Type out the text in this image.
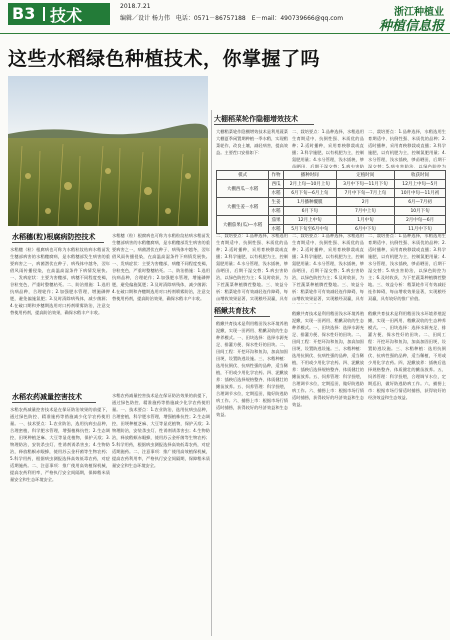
B3 技术	2018.7.21
编辑／设计 杨力伟　电话：0571－86757188　E－mail：490739666@qq.com
浙江种植业
种植信息报
这些水稻绿色种植技术，你掌握了吗
水稻穗(粒)根腐病防控技术
水稻穗（粒）根腐病也可称为水稻粒纹枯病水稻苗发生穗部病害的水稻穗腐病，是水稻穗部发生病害的重要病害之一，病菌潜伏在种子、病残体中越冬，翌年借风雨传播侵染，在高温高湿条件下病情发展快。一、发病症状：主要为害穗部，病穗不同程度变褐，谷粒变色，严重时整穗枯死。二、防治措施：1.选用抗病品种，合理轮作；2.加强肥水管理，增施磷钾肥，避免偏施氮肥；3.及时清除病残体，减少菌源；4.在破口期和齐穗期选用对口药剂喷雾防治，注意交替使用药剂，提高防治效果，确保水稻丰产丰收。
水稻穗（粒）根腐病也可称为水稻粒纹枯病水稻苗发生穗部病害的水稻穗腐病，是水稻穗部发生病害的重要病害之一，病菌潜伏在种子、病残体中越冬，翌年借风雨传播侵染，在高温高湿条件下病情发展快。一、发病症状：主要为害穗部，病穗不同程度变褐，谷粒变色，严重时整穗枯死。二、防治措施：1.选用抗病品种，合理轮作；2.加强肥水管理，增施磷钾肥，避免偏施氮肥；3.及时清除病残体，减少菌源；4.在破口期和齐穗期选用对口药剂喷雾防治，注意交替使用药剂，提高防治效果，确保水稻丰产丰收。
水稻农药减量控害技术
水稻农药减量控害技术是在保证防治效果的前提下，通过绿色防控、精准施药等措施减少化学农药使用量。一、技术要点：1.农业防治，选用抗病虫品种，合理密植，科学肥水管理，增强植株抗性；2.生态调控，田埂种植芝麻、大豆等显花植物，保护天敌；3.物理防治，安装杀虫灯、性诱剂诱杀害虫；4.生物防治，释放稻螟赤眼蜂，使用苏云金杆菌等生物农药；5.科学用药，根据病虫测报选择高效低毒农药，对症适期施药。二、注意事项：推广使用高效植保机械，提高农药利用率，严格执行安全间隔期，保障稻米质量安全和生态环境安全。
水稻农药减量控害技术是在保证防治效果的前提下，通过绿色防控、精准施药等措施减少化学农药使用量。一、技术要点：1.农业防治，选用抗病虫品种，合理密植，科学肥水管理，增强植株抗性；2.生态调控，田埂种植芝麻、大豆等显花植物，保护天敌；3.物理防治，安装杀虫灯、性诱剂诱杀害虫；4.生物防治，释放稻螟赤眼蜂，使用苏云金杆菌等生物农药；5.科学用药，根据病虫测报选择高效低毒农药，对症适期施药。二、注意事项：推广使用高效植保机械，提高农药利用率，严格执行安全间隔期，保障稻米质量安全和生态环境安全。
大棚稻菜轮作隐棚增效技术
大棚稻菜轮作隐棚增效技术是利用蔬菜大棚夏季闲置期种植一季水稻，实现稻菜轮作，改良土壤，减轻病害，提高效益。主要茬口安排如下：
二、栽培要点：1.品种选择，水稻选用生育期适中、抗倒性强、米质优的品种；2.适时播种，采用育秧移栽或直播；3.科学施肥，以有机肥为主，控制氮肥用量；4.水分管理，浅水插秧，够苗晒田，后期干湿交替；5.病虫害防
二、栽培要点：1.品种选择，水稻选用生育期适中、抗倒性强、米质优的品种；2.适时播种，采用育秧移栽或直播；3.科学施肥，以有机肥为主，控制氮肥用量；4.水分管理，浅水插秧，够苗晒田，后期干湿交替；5.病虫害防治，以绿色防控为
模式	作物	播种时间	定植时间	收获时间
大棚西瓜－水稻	西瓜	2月上旬—10月上旬	3月中下旬—11月下旬	12月上中旬—5月
	水稻	6月下旬—6月上旬	7月中下旬—7月上旬	10月中旬—11月初
大棚生姜－水稻	生姜	1月播种覆膜	2月	6月—7月初
	水稻	6月下旬	7月中上旬	10月下旬
大棚茄果(瓜)—水稻	茄果	12月上中旬	1月中旬	2月中旬—6月
	水稻	5月下旬至6月中旬	6月中下旬	11月中下旬
二、栽培要点：1.品种选择，水稻选用生育期适中、抗倒性强、米质优的品种；2.适时播种，采用育秧移栽或直播；3.科学施肥，以有机肥为主，控制氮肥用量；4.水分管理，浅水插秧，够苗晒田，后期干湿交替；5.病虫害防治，以绿色防控为主；6.及时收获，为下茬蔬菜种植腾茬整地。三、效益分析：稻菜轮作可有效减轻连作障碍，每亩增收效果显著，实现粮经双赢，具有
二、栽培要点：1.品种选择，水稻选用生育期适中、抗倒性强、米质优的品种；2.适时播种，采用育秧移栽或直播；3.科学施肥，以有机肥为主，控制氮肥用量；4.水分管理，浅水插秧，够苗晒田，后期干湿交替；5.病虫害防治，以绿色防控为主；6.及时收获，为下茬蔬菜种植腾茬整地。三、效益分析：稻菜轮作可有效减轻连作障碍，每亩增收效果显著，实现粮经双赢，具有
二、栽培要点：1.品种选择，水稻选用生育期适中、抗倒性强、米质优的品种；2.适时播种，采用育秧移栽或直播；3.科学施肥，以有机肥为主，控制氮肥用量；4.水分管理，浅水插秧，够苗晒田，后期干湿交替；5.病虫害防治，以绿色防控为主；6.及时收获，为下茬蔬菜种植腾茬整地。三、效益分析：稻菜轮作可有效减轻连作障碍，每亩增收效果显著，实现粮经双赢，具有较好的推广价值。
稻鳅共育技术
稻鳅共育技术是利用稻田浅水环境养殖泥鳅，实现一田两用、稻鳅双收的生态种养模式。一、田块选择：选择水源充足、排灌方便、保水性好的田块。二、田间工程：开挖环沟和鱼沟，加高加固田埂，设置防逃设施。三、水稻种植：选用抗倒伏、抗病性强的品种，适当稀植，不用或少用化学农药。四、泥鳅放养：插秧后选择规格整齐、体质健壮的鳅苗放养。五、饲养管理：科学投喂，合理调节水位，定期巡田，做好防逃防病工作。六、捕捞上市：根据市场行情适时捕捞，获得较好的经济效益和生态效益。
稻鳅共育技术是利用稻田浅水环境养殖泥鳅，实现一田两用、稻鳅双收的生态种养模式。一、田块选择：选择水源充足、排灌方便、保水性好的田块。二、田间工程：开挖环沟和鱼沟，加高加固田埂，设置防逃设施。三、水稻种植：选用抗倒伏、抗病性强的品种，适当稀植，不用或少用化学农药。四、泥鳅放养：插秧后选择规格整齐、体质健壮的鳅苗放养。五、饲养管理：科学投喂，合理调节水位，定期巡田，做好防逃防病工作。六、捕捞上市：根据市场行情适时捕捞，获得较好的经济效益和生态效益。
稻鳅共育技术是利用稻田浅水环境养殖泥鳅，实现一田两用、稻鳅双收的生态种养模式。一、田块选择：选择水源充足、排灌方便、保水性好的田块。二、田间工程：开挖环沟和鱼沟，加高加固田埂，设置防逃设施。三、水稻种植：选用抗倒伏、抗病性强的品种，适当稀植，不用或少用化学农药。四、泥鳅放养：插秧后选择规格整齐、体质健壮的鳅苗放养。五、饲养管理：科学投喂，合理调节水位，定期巡田，做好防逃防病工作。六、捕捞上市：根据市场行情适时捕捞，获得较好的经济效益和生态效益。
